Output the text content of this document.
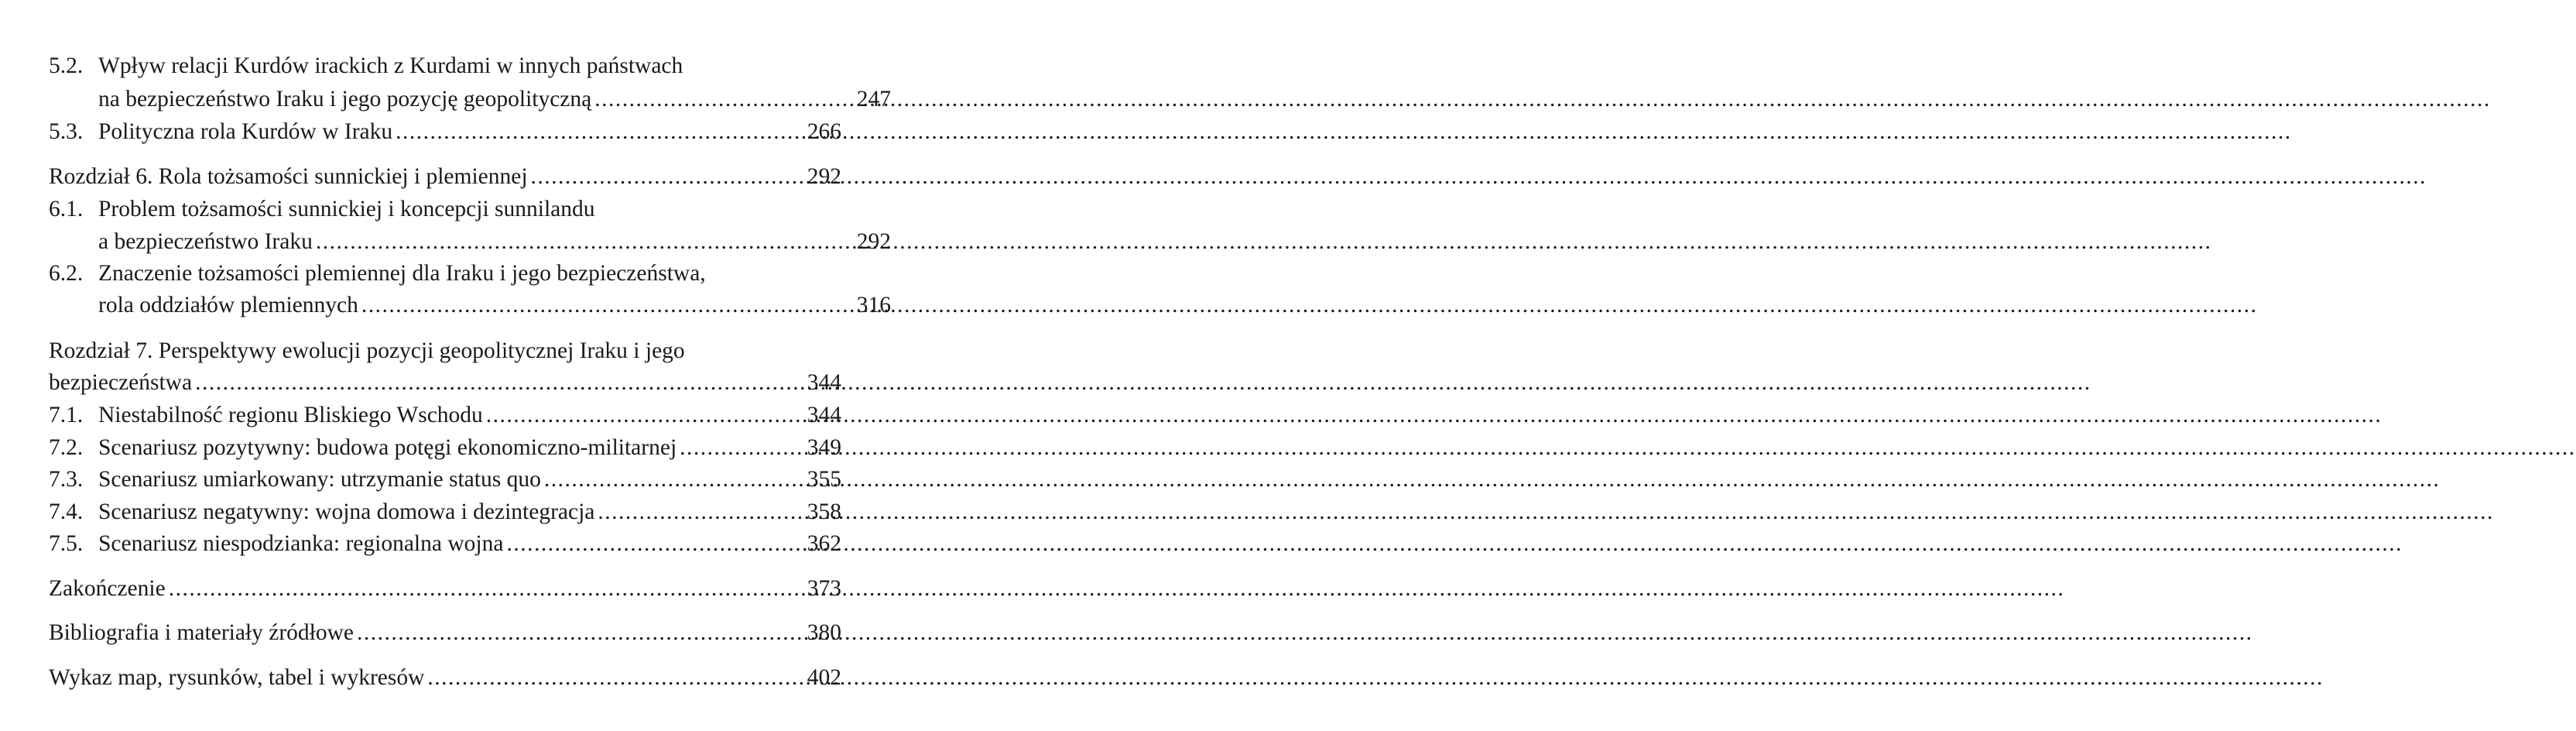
5.2. Wpływ relacji Kurdów irackich z Kurdami w innych państwach
na bezpieczeństwo Iraku i jego pozycję geopolityczną .....	247
5.3. Polityczna rola Kurdów w Iraku .....	266
Rozdział 6. Rola tożsamości sunnickiej i plemiennej .....	292
6.1. Problem tożsamości sunnickiej i koncepcji sunnilandu
a bezpieczeństwo Iraku .....	292
6.2. Znaczenie tożsamości plemiennej dla Iraku i jego bezpieczeństwa,
rola oddziałów plemiennych .....	316
Rozdział 7. Perspektywy ewolucji pozycji geopolitycznej Iraku i jego
bezpieczeństwa .....	344
7.1. Niestabilność regionu Bliskiego Wschodu .....	344
7.2. Scenariusz pozytywny: budowa potęgi ekonomiczno-militarnej .....	349
7.3. Scenariusz umiarkowany: utrzymanie status quo .....	355
7.4. Scenariusz negatywny: wojna domowa i dezintegracja .....	358
7.5. Scenariusz niespodzianka: regionalna wojna .....	362
Zakończenie .....	373
Bibliografia i materiały źródłowe .....	380
Wykaz map, rysunków, tabel i wykresów .....	402
